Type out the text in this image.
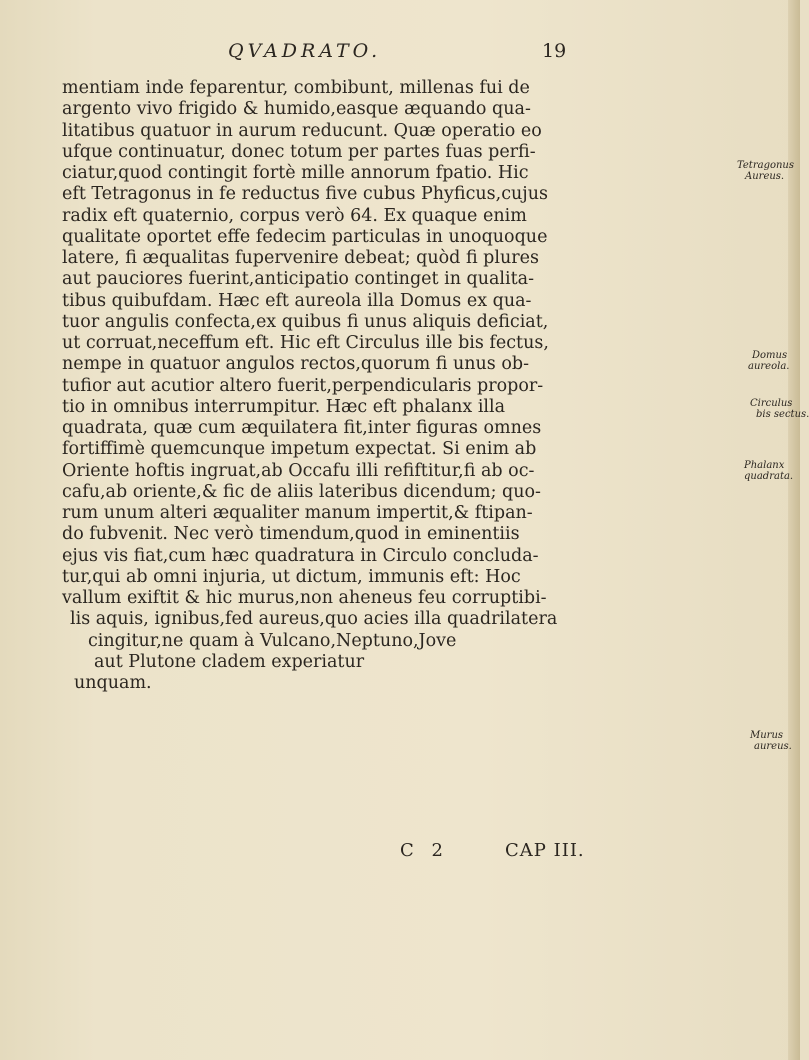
QVADRATO.	19
mentiam inde feparentur, combibunt, millenas fui de
argento vivo frigido & humido,easque æquando qua-
litatibus quatuor in aurum reducunt. Quæ operatio eo
ufque continuatur, donec totum per partes fuas perfi-
ciatur,quod contingit fortè mille annorum fpatio. Hic
eft Tetragonus in fe reductus five cubus Phyficus,cujus
radix eft quaternio, corpus verò 64. Ex quaque enim
qualitate oportet effe fedecim particulas in unoquoque
latere, fi æqualitas fupervenire debeat; quòd fi plures
aut pauciores fuerint,anticipatio continget in qualita-
tibus quibufdam. Hæc eft aureola illa Domus ex qua-
tuor angulis confecta,ex quibus fi unus aliquis deficiat,
ut corruat,neceffum eft. Hic eft Circulus ille bis fectus,
nempe in quatuor angulos rectos,quorum fi unus ob-
tufior aut acutior altero fuerit,perpendicularis propor-
tio in omnibus interrumpitur. Hæc eft phalanx illa
quadrata, quæ cum æquilatera fit,inter figuras omnes
fortiffimè quemcunque impetum expectat. Si enim ab
Oriente hoftis ingruat,ab Occafu illi refiftitur,fi ab oc-
cafu,ab oriente,& fic de aliis lateribus dicendum; quo-
rum unum alteri æqualiter manum impertit,& ftipan-
do fubvenit. Nec verò timendum,quod in eminentiis
ejus vis fiat,cum hæc quadratura in Circulo concluda-
tur,qui ab omni injuria, ut dictum, immunis eft: Hoc
vallum exiftit & hic murus,non aheneus feu corruptibi-
lis aquis, ignibus,fed aureus,quo acies illa quadrilatera
cingitur,ne quam à Vulcano,Neptuno,Jove
aut Plutone cladem experiatur
unquam.
Tetragonus
Aureus.
Domus
aureola.
Circulus
bis sectus.
Phalanx
quadrata.
Murus
aureus.
C 2	CAP III.
